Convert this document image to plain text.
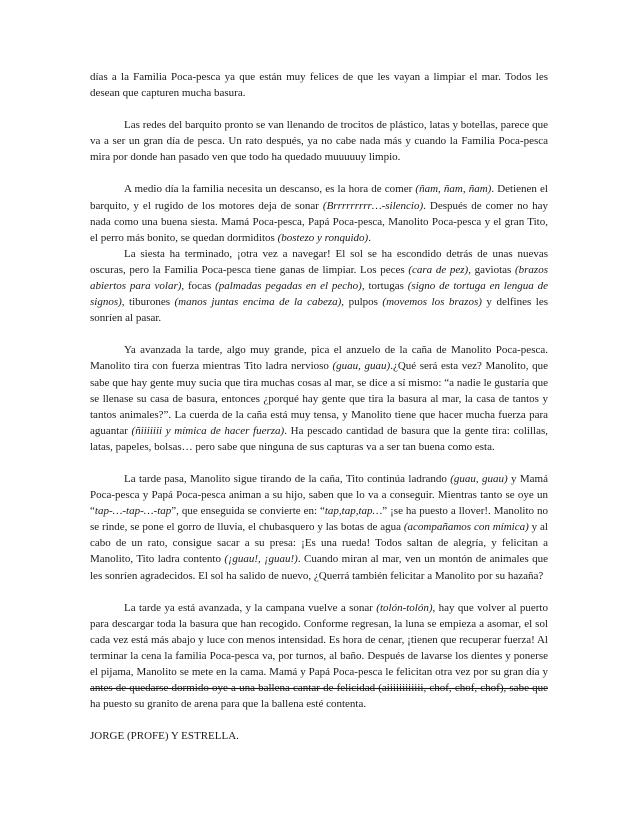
días a la Familia Poca-pesca ya que están muy felices de que les vayan a limpiar el mar. Todos les desean que capturen mucha basura.

Las redes del barquito pronto se van llenando de trocitos de plástico, latas y botellas, parece que va a ser un gran día de pesca. Un rato después, ya no cabe nada más y cuando la Familia Poca-pesca mira por donde han pasado ven que todo ha quedado muuuuuy limpio.

A medio día la familia necesita un descanso, es la hora de comer (ñam, ñam, ñam). Detienen el barquito, y el rugido de los motores deja de sonar (Brrrrrrrrr…-silencio). Después de comer no hay nada como una buena siesta. Mamá Poca-pesca, Papá Poca-pesca, Manolito Poca-pesca y el gran Tito, el perro más bonito, se quedan dormiditos (bostezo y ronquido).

La siesta ha terminado, ¡otra vez a navegar! El sol se ha escondido detrás de unas nuevas oscuras, pero la Familia Poca-pesca tiene ganas de limpiar. Los peces (cara de pez), gaviotas (brazos abiertos para volar), focas (palmadas pegadas en el pecho), tortugas (signo de tortuga en lengua de signos), tiburones (manos juntas encima de la cabeza), pulpos (movemos los brazos) y delfines les sonríen al pasar.

Ya avanzada la tarde, algo muy grande, pica el anzuelo de la caña de Manolito Poca-pesca. Manolito tira con fuerza mientras Tito ladra nervioso (guau, guau).¿Qué será esta vez? Manolito, que sabe que hay gente muy sucia que tira muchas cosas al mar, se dice a sí mismo: “a nadie le gustaría que se llenase su casa de basura, entonces ¿porqué hay gente que tira la basura al mar, la casa de tantos y tantos animales?”. La cuerda de la caña está muy tensa, y Manolito tiene que hacer mucha fuerza para aguantar (ñiiiiiii y mímica de hacer fuerza). Ha pescado cantidad de basura que la gente tira: colillas, latas, papeles, bolsas… pero sabe que ninguna de sus capturas va a ser tan buena como esta.

La tarde pasa, Manolito sigue tirando de la caña, Tito continúa ladrando (guau, guau) y Mamá Poca-pesca y Papá Poca-pesca animan a su hijo, saben que lo va a conseguir. Mientras tanto se oye un “tap-…-tap-…-tap”, que enseguida se convierte en: “tap,tap,tap…” ¡se ha puesto a llover!. Manolito no se rinde, se pone el gorro de lluvia, el chubasquero y las botas de agua (acompañamos con mímica) y al cabo de un rato, consigue sacar a su presa: ¡Es una rueda! Todos saltan de alegría, y felicitan a Manolito, Tito ladra contento (¡guau!, ¡guau!). Cuando miran al mar, ven un montón de animales que les sonríen agradecidos. El sol ha salido de nuevo, ¿Querrá también felicitar a Manolito por su hazaña?

La tarde ya está avanzada, y la campana vuelve a sonar (tolón-tolón), hay que volver al puerto para descargar toda la basura que han recogido. Conforme regresan, la luna se empieza a asomar, el sol cada vez está más abajo y luce con menos intensidad. Es hora de cenar, ¡tienen que recuperar fuerza! Al terminar la cena la familia Poca-pesca va, por turnos, al baño. Después de lavarse los dientes y ponerse el pijama, Manolito se mete en la cama. Mamá y Papá Poca-pesca le felicitan otra vez por su gran día y antes de quedarse dormido oye a una ballena cantar de felicidad (aiiiiiiiiiiii, chof, chof, chof), sabe que ha puesto su granito de arena para que la ballena esté contenta.

JORGE (PROFE) Y ESTRELLA.
